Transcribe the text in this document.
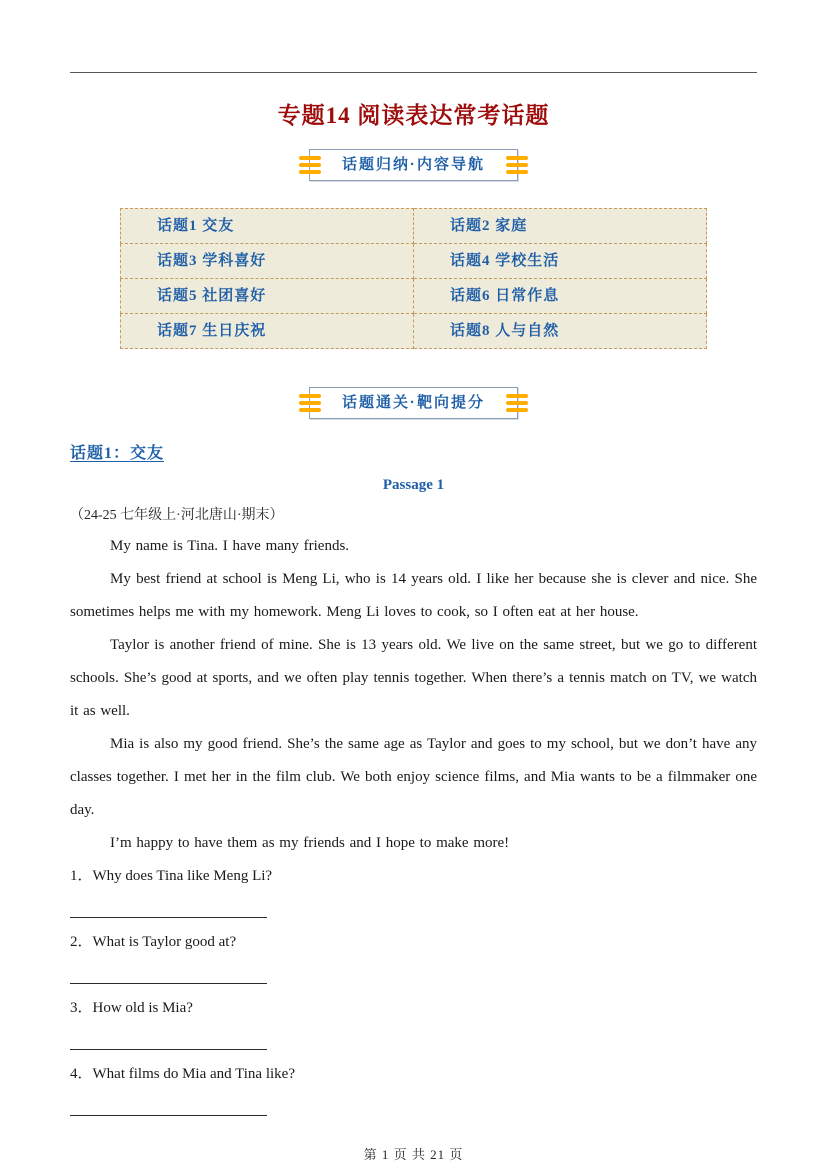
专题14 阅读表达常考话题
话题归纳·内容导航
话题1 交友	话题2 家庭
话题3 学科喜好	话题4 学校生活
话题5 社团喜好	话题6 日常作息
话题7 生日庆祝	话题8 人与自然
话题通关·靶向提分
话题1：交友
Passage 1
（24-25 七年级上·河北唐山·期末）

My name is Tina. I have many friends.

My best friend at school is Meng Li, who is 14 years old. I like her because she is clever and nice. She sometimes helps me with my homework. Meng Li loves to cook, so I often eat at her house.

Taylor is another friend of mine. She is 13 years old. We live on the same street, but we go to different schools. She’s good at sports, and we often play tennis together. When there’s a tennis match on TV, we watch it as well.

Mia is also my good friend. She’s the same age as Taylor and goes to my school, but we don’t have any classes together. I met her in the film club. We both enjoy science films, and Mia wants to be a filmmaker one day.

I’m happy to have them as my friends and I hope to make more!

1．Why does Tina like Meng Li?
2．What is Taylor good at?
3．How old is Mia?
4．What films do Mia and Tina like?
第 1 页 共 21 页
